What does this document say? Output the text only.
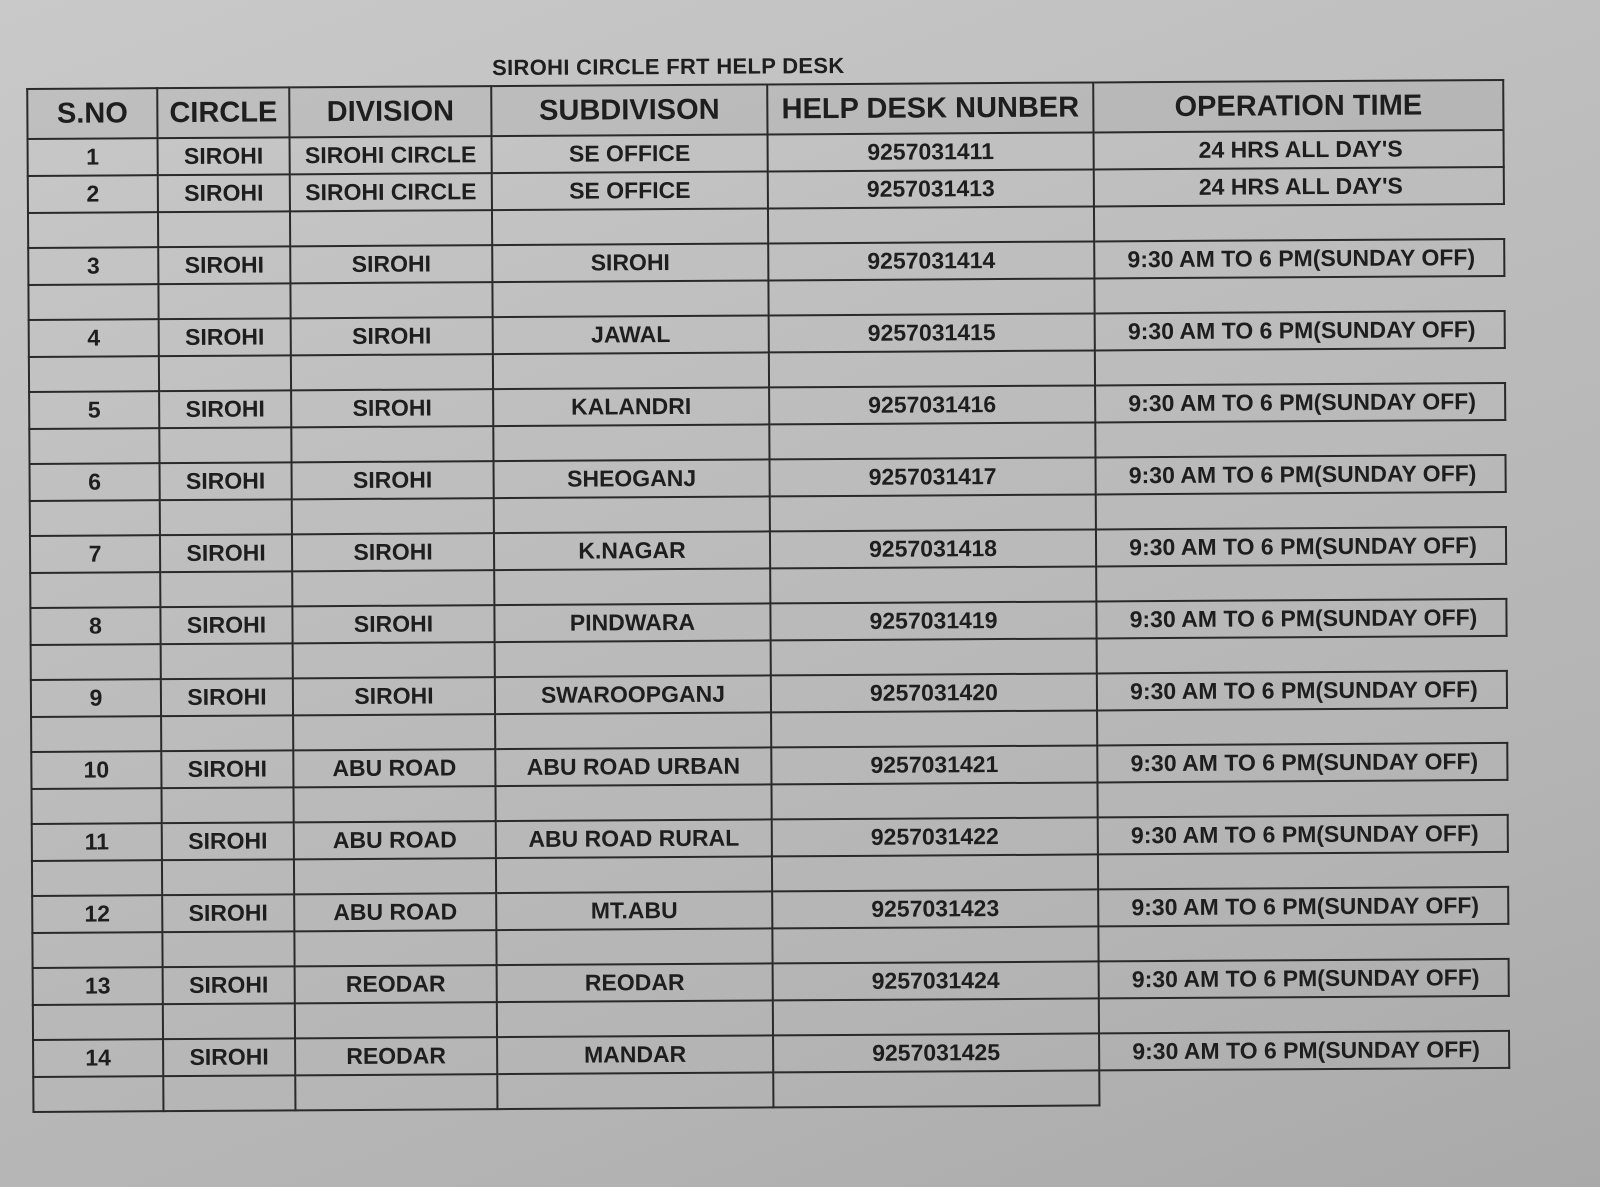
SIROHI CIRCLE FRT HELP DESK
S.NO	CIRCLE	DIVISION	SUBDIVISON	HELP DESK NUNBER	OPERATION TIME
1	SIROHI	SIROHI CIRCLE	SE OFFICE	9257031411	24 HRS ALL DAY'S
2	SIROHI	SIROHI CIRCLE	SE OFFICE	9257031413	24 HRS ALL DAY'S

3	SIROHI	SIROHI	SIROHI	9257031414	9:30 AM TO 6 PM(SUNDAY OFF)

4	SIROHI	SIROHI	JAWAL	9257031415	9:30 AM TO 6 PM(SUNDAY OFF)

5	SIROHI	SIROHI	KALANDRI	9257031416	9:30 AM TO 6 PM(SUNDAY OFF)

6	SIROHI	SIROHI	SHEOGANJ	9257031417	9:30 AM TO 6 PM(SUNDAY OFF)

7	SIROHI	SIROHI	K.NAGAR	9257031418	9:30 AM TO 6 PM(SUNDAY OFF)

8	SIROHI	SIROHI	PINDWARA	9257031419	9:30 AM TO 6 PM(SUNDAY OFF)

9	SIROHI	SIROHI	SWAROOPGANJ	9257031420	9:30 AM TO 6 PM(SUNDAY OFF)

10	SIROHI	ABU ROAD	ABU ROAD URBAN	9257031421	9:30 AM TO 6 PM(SUNDAY OFF)

11	SIROHI	ABU ROAD	ABU ROAD RURAL	9257031422	9:30 AM TO 6 PM(SUNDAY OFF)

12	SIROHI	ABU ROAD	MT.ABU	9257031423	9:30 AM TO 6 PM(SUNDAY OFF)

13	SIROHI	REODAR	REODAR	9257031424	9:30 AM TO 6 PM(SUNDAY OFF)

14	SIROHI	REODAR	MANDAR	9257031425	9:30 AM TO 6 PM(SUNDAY OFF)
